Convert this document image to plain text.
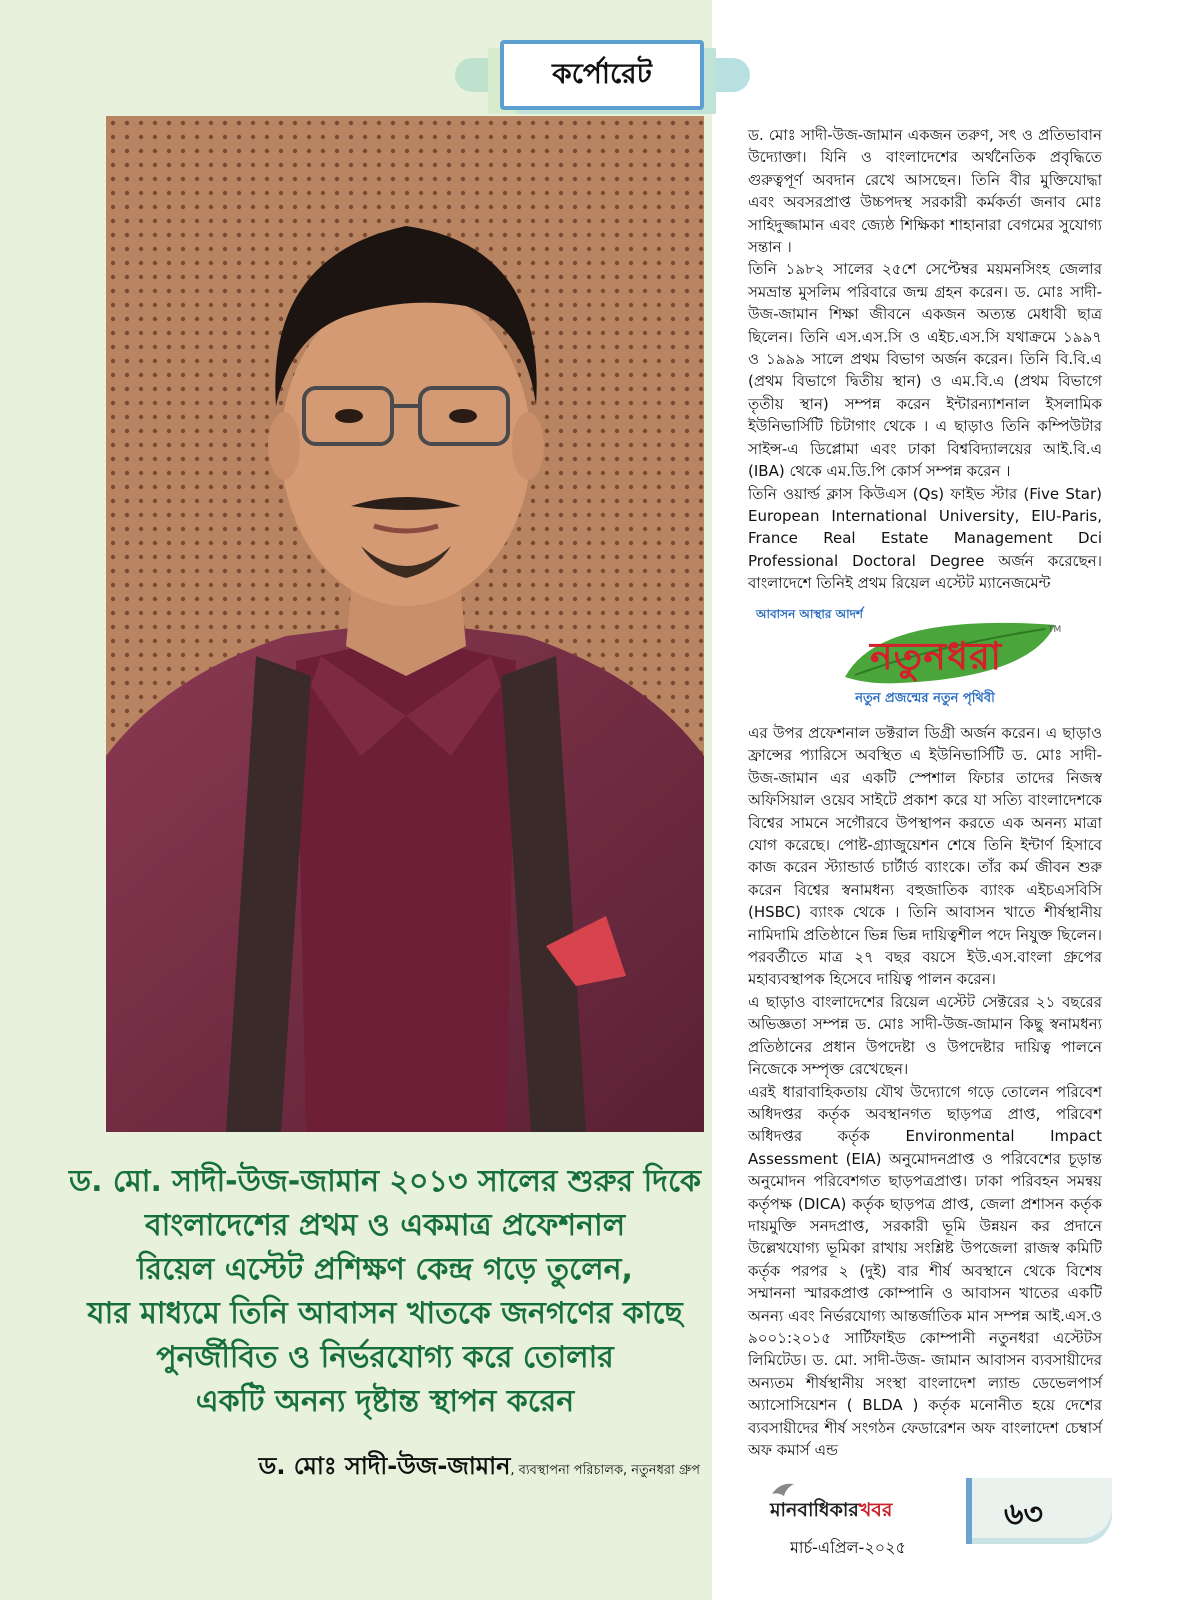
কর্পোরেট
ড. মো. সাদী-উজ-জামান ২০১৩ সালের শুরুর দিকে
বাংলাদেশের প্রথম ও একমাত্র প্রফেশনাল
রিয়েল এস্টেট প্রশিক্ষণ কেন্দ্র গড়ে তুলেন,
যার মাধ্যমে তিনি আবাসন খাতকে জনগণের কাছে
পুনর্জীবিত ও নির্ভরযোগ্য করে তোলার
একটি অনন্য দৃষ্টান্ত স্থাপন করেন
ড. মোঃ সাদী-উজ-জামান, ব্যবস্থাপনা পরিচালক, নতুনধরা গ্রুপ

ড. মোঃ সাদী-উজ-জামান একজন তরুণ, সৎ ও প্রতিভাবান উদ্যোক্তা। যিনি ও বাংলাদেশের অর্থনৈতিক প্রবৃদ্ধিতে গুরুত্বপূর্ণ অবদান রেখে আসছেন। তিনি বীর মুক্তিযোদ্ধা এবং অবসরপ্রাপ্ত উচ্চপদস্থ সরকারী কর্মকর্তা জনাব মোঃ সাহিদুজ্জামান এবং জ্যেষ্ঠ শিক্ষিকা শাহানারা বেগমের সুযোগ্য সন্তান ।

তিনি ১৯৮২ সালের ২৫শে সেপ্টেম্বর ময়মনসিংহ জেলার সমভ্রান্ত মুসলিম পরিবারে জন্ম গ্রহন করেন। ড. মোঃ সাদী-উজ-জামান শিক্ষা জীবনে একজন অত্যন্ত মেধাবী ছাত্র ছিলেন। তিনি এস.এস.সি ও এইচ.এস.সি যথাক্রমে ১৯৯৭ ও ১৯৯৯ সালে প্রথম বিভাগ অর্জন করেন। তিনি বি.বি.এ (প্রথম বিভাগে দ্বিতীয় স্থান) ও এম.বি.এ (প্রথম বিভাগে তৃতীয় স্থান) সম্পন্ন করেন ইন্টারন্যাশনাল ইসলামিক ইউনিভার্সিটি চিটাগাং থেকে । এ ছাড়াও তিনি কম্পিউটার সাইন্স-এ ডিপ্লোমা এবং ঢাকা বিশ্ববিদ্যালয়ের আই.বি.এ (IBA) থেকে এম.ডি.পি কোর্স সম্পন্ন করেন ।

তিনি ওয়ার্ল্ড ক্লাস কিউএস (Qs) ফাইভ স্টার (Five Star) European International University, EIU-Paris, France Real Estate Management Dci Professional Doctoral Degree অর্জন করেছেন। বাংলাদেশে তিনিই প্রথম রিয়েল এস্টেট ম্যানেজমেন্ট

আবাসন আস্থার আদর্শ
নতুনধরা
TM
নতুন প্রজন্মের নতুন পৃথিবী

এর উপর প্রফেশনাল ডক্টরাল ডিগ্রী অর্জন করেন। এ ছাড়াও ফ্রান্সের প্যারিসে অবস্থিত এ ইউনিভার্সিটি ড. মোঃ সাদী-উজ-জামান এর একটি স্পেশাল ফিচার তাদের নিজস্ব অফিসিয়াল ওয়েব সাইটে প্রকাশ করে যা সত্যি বাংলাদেশকে বিশ্বের সামনে সগৌরবে উপস্থাপন করতে এক অনন্য মাত্রা যোগ করেছে। পোষ্ট-গ্র্যাজুয়েশন শেষে তিনি ইন্টার্ণ হিসাবে কাজ করেন স্ট্যান্ডার্ড চার্টার্ড ব্যাংকে। তাঁর কর্ম জীবন শুরু করেন বিশ্বের স্বনামধন্য বহুজাতিক ব্যাংক এইচএসবিসি (HSBC) ব্যাংক থেকে । তিনি আবাসন খাতে শীর্ষস্থানীয় নামিদামি প্রতিষ্ঠানে ভিন্ন ভিন্ন দায়িত্বশীল পদে নিযুক্ত ছিলেন। পরবর্তীতে মাত্র ২৭ বছর বয়সে ইউ.এস.বাংলা গ্রুপের মহাব্যবস্থাপক হিসেবে দায়িত্ব পালন করেন।

এ ছাড়াও বাংলাদেশের রিয়েল এস্টেট সেক্টরের ২১ বছরের অভিজ্ঞতা সম্পন্ন ড. মোঃ সাদী-উজ-জামান কিছু স্বনামধন্য প্রতিষ্ঠানের প্রধান উপদেষ্টা ও উপদেষ্টার দায়িত্ব পালনে নিজেকে সম্পৃক্ত রেখেছেন।

এরই ধারাবাহিকতায় যৌথ উদ্যোগে গড়ে তোলেন পরিবেশ অধিদপ্তর কর্তৃক অবস্থানগত ছাড়পত্র প্রাপ্ত, পরিবেশ অধিদপ্তর কর্তৃক Environmental Impact Assessment (EIA) অনুমোদনপ্রাপ্ত ও পরিবেশের চূড়ান্ত অনুমোদন পরিবেশগত ছাড়পত্রপ্রাপ্ত। ঢাকা পরিবহন সমন্বয় কর্তৃপক্ষ (DICA) কর্তৃক ছাড়পত্র প্রাপ্ত, জেলা প্রশাসন কর্তৃক দায়মুক্তি সনদপ্রাপ্ত, সরকারী ভূমি উন্নয়ন কর প্রদানে উল্লেখযোগ্য ভূমিকা রাখায় সংশ্লিষ্ট উপজেলা রাজস্ব কমিটি কর্তৃক পরপর ২ (দুই) বার শীর্ষ অবস্থানে থেকে বিশেষ সম্মাননা স্মারকপ্রাপ্ত কোম্পানি ও আবাসন খাতের একটি অনন্য এবং নির্ভরযোগ্য আন্তর্জাতিক মান সম্পন্ন আই.এস.ও ৯০০১:২০১৫ সার্টিফাইড কোম্পানী নতুনধরা এস্টেটস লিমিটেড। ড. মো. সাদী-উজ- জামান আবাসন ব্যবসায়ীদের অন্যতম শীর্ষস্থানীয় সংস্থা বাংলাদেশ ল্যান্ড ডেভেলপার্স অ্যাসোসিয়েশন ( BLDA ) কর্তৃক মনোনীত হয়ে দেশের ব্যবসায়ীদের শীর্ষ সংগঠন ফেডারেশন অফ বাংলাদেশ চেম্বার্স অফ কমার্স এন্ড

মানবাধিকারখবর
মার্চ-এপ্রিল-২০২৫
৬৩
